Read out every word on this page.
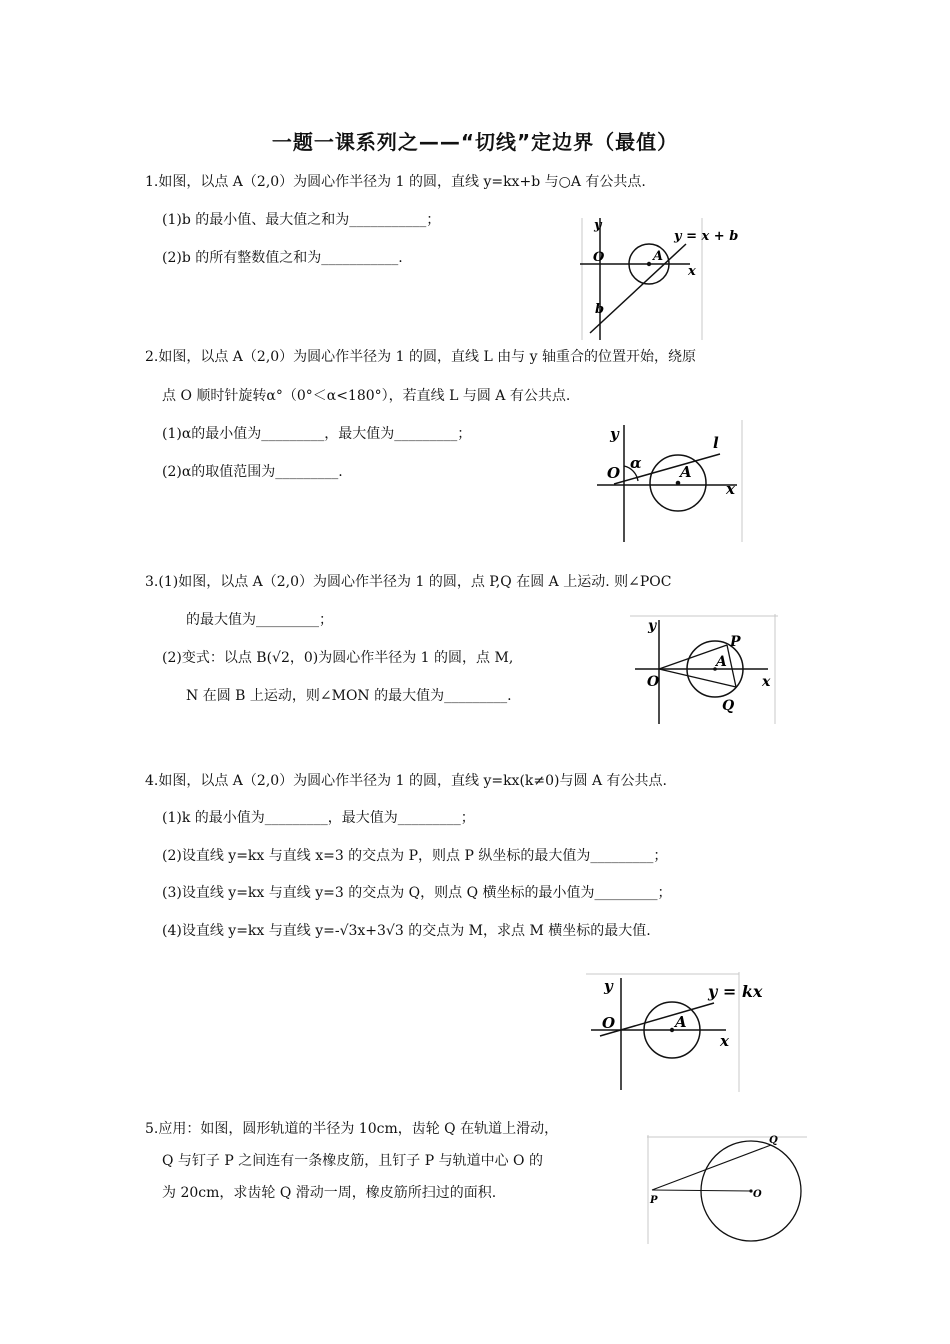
一题一课系列之——“切线”定边界（最值）
1.如图，以点 A（2,0）为圆心作半径为 1 的圆，直线 y=kx+b 与○A 有公共点.
(1)b 的最小值、最大值之和为___________；
(2)b 的所有整数值之和为___________.
y
O	A
x
b
y = x + b
2.如图，以点 A（2,0）为圆心作半径为 1 的圆，直线 L 由与 y 轴重合的位置开始，绕原
点 O 顺时针旋转α°（0°＜α<180°），若直线 L 与圆 A 有公共点.
(1)α的最小值为_________，最大值为_________；
(2)α的取值范围为_________.
y	l
O
α	A
x
3.(1)如图，以点 A（2,0）为圆心作半径为 1 的圆，点 P,Q 在圆 A 上运动. 则∠POC
的最大值为_________；
(2)变式：以点 B(√2，0)为圆心作半径为 1 的圆，点 M,
N 在圆 B 上运动，则∠MON 的最大值为_________.
y
P
A
O	x
Q
4.如图，以点 A（2,0）为圆心作半径为 1 的圆，直线 y=kx(k≠0)与圆 A 有公共点.
(1)k 的最小值为_________，最大值为_________；
(2)设直线 y=kx 与直线 x=3 的交点为 P，则点 P 纵坐标的最大值为_________；
(3)设直线 y=kx 与直线 y=3 的交点为 Q，则点 Q 横坐标的最小值为_________；
(4)设直线 y=kx 与直线 y=-√3x+3√3 的交点为 M，求点 M 横坐标的最大值.
y	y = kx
O	A
x
5.应用：如图，圆形轨道的半径为 10cm，齿轮 Q 在轨道上滑动，
Q 与钉子 P 之间连有一条橡皮筋，且钉子 P 与轨道中心 O 的
为 20cm，求齿轮 Q 滑动一周，橡皮筋所扫过的面积.
Q
P
O
